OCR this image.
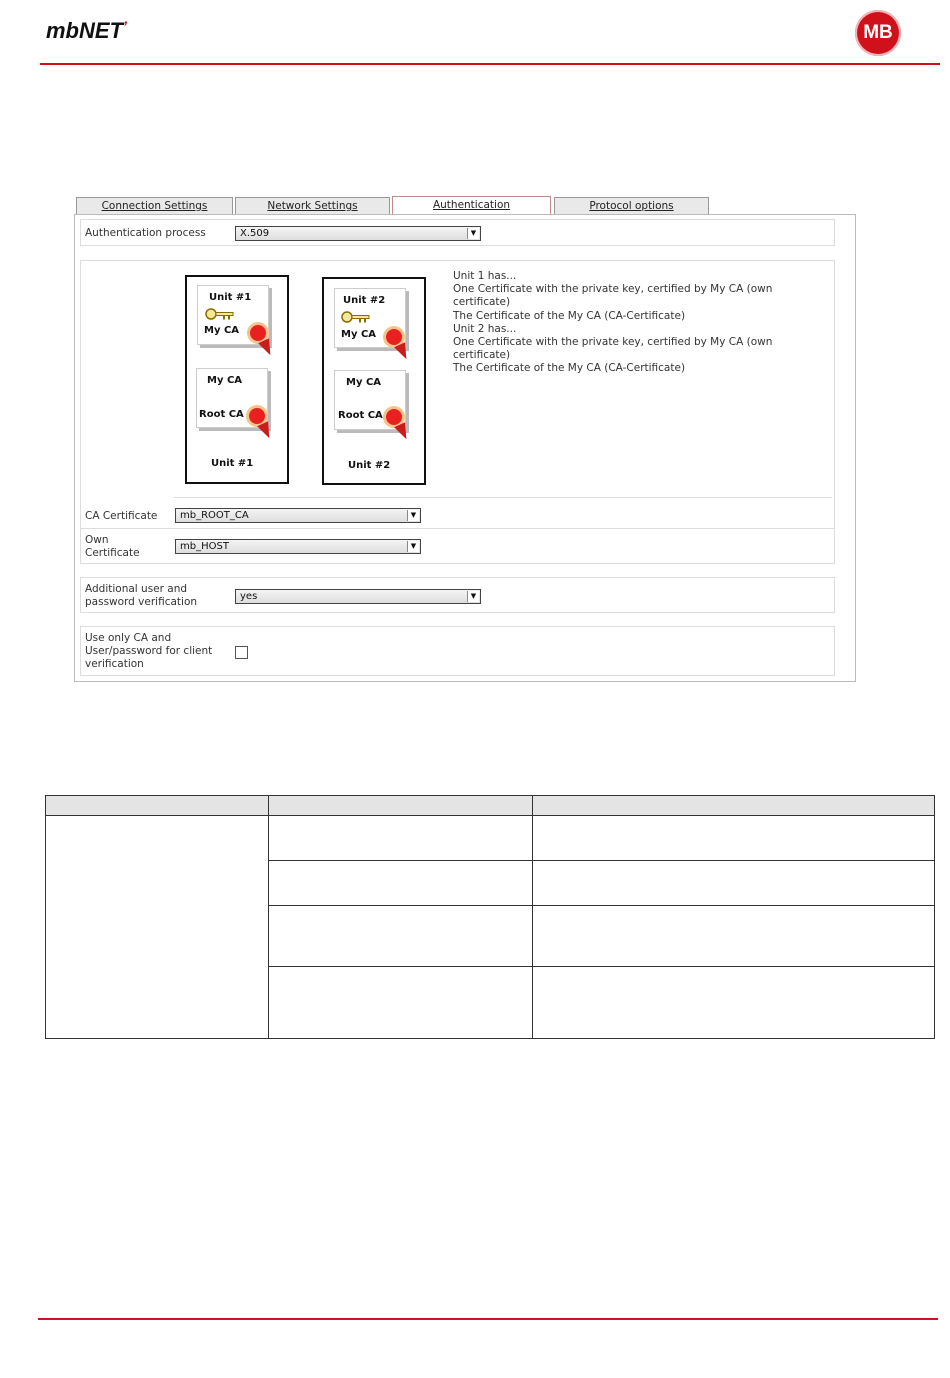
mbNET’	MB
Connection Settings	Network Settings	Authentication	Protocol options
Authentication process	X.509	▼
Unit #1
My CA
My CA
Root CA
Unit #1
Unit #2
My CA
My CA
Root CA
Unit #2
Unit 1 has...
One Certificate with the private key, certified by My CA (own
certificate)
The Certificate of the My CA (CA-Certificate)
Unit 2 has...
One Certificate with the private key, certified by My CA (own
certificate)
The Certificate of the My CA (CA-Certificate)
CA Certificate	mb_ROOT_CA	▼
Own
Certificate
mb_HOST	▼
Additional user and
password verification	yes	▼
Use only CA and
User/password for client
verification
